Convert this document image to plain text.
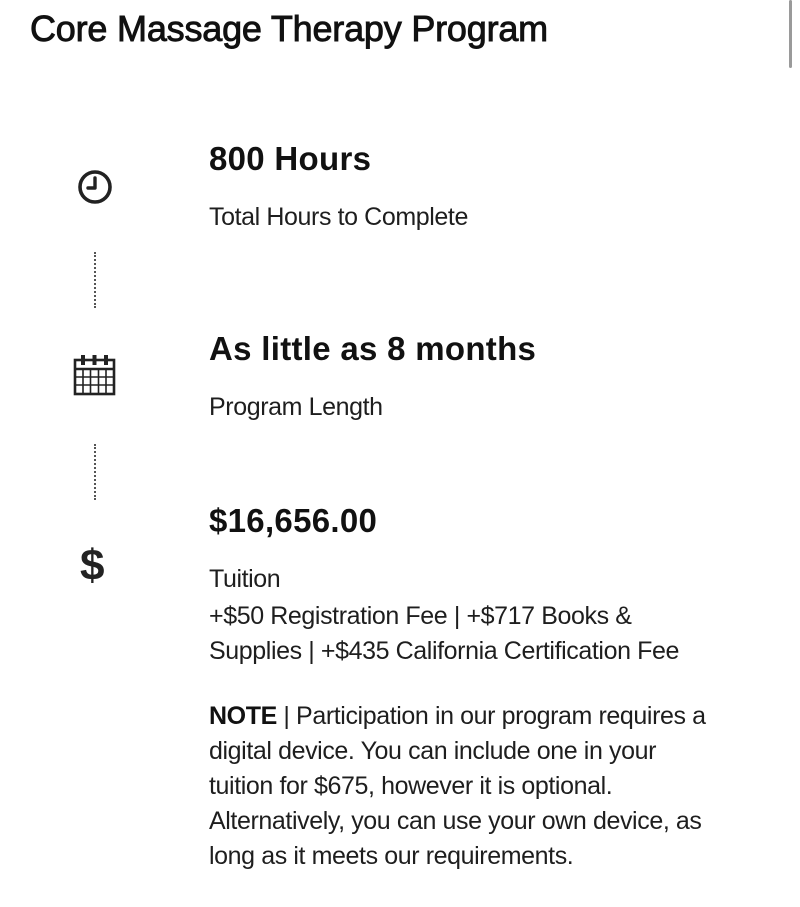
Core Massage Therapy Program
800 Hours
Total Hours to Complete
As little as 8 months
Program Length
$
$16,656.00
Tuition
+$50 Registration Fee | +$717 Books &
Supplies | +$435 California Certification Fee
NOTE | Participation in our program requires a
digital device. You can include one in your
tuition for $675, however it is optional.
Alternatively, you can use your own device, as
long as it meets our requirements.
